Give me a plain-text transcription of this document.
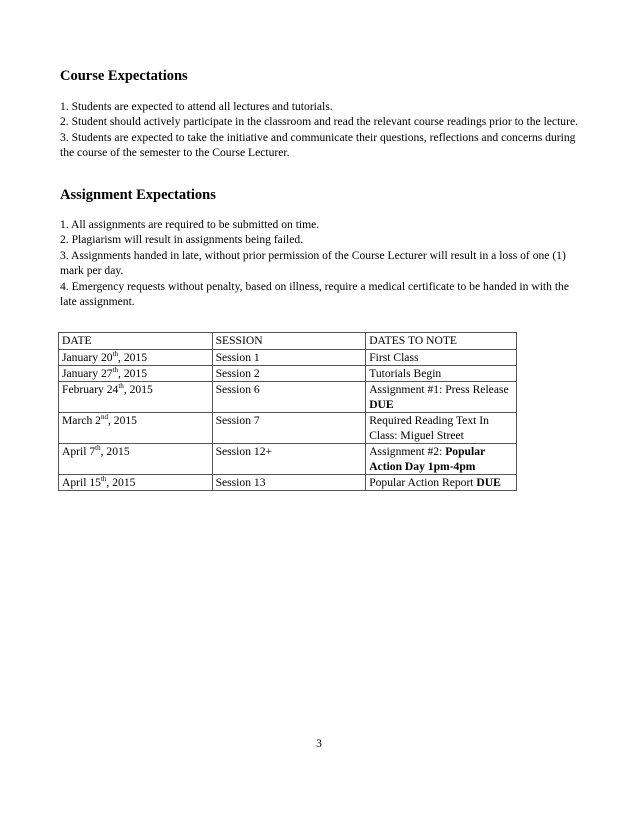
Course Expectations
1. Students are expected to attend all lectures and tutorials.
2. Student should actively participate in the classroom and read the relevant course readings prior to the lecture.
3. Students are expected to take the initiative and communicate their questions, reflections and concerns during the course of the semester to the Course Lecturer.
Assignment Expectations
1. All assignments are required to be submitted on time.
2. Plagiarism will result in assignments being failed.
3. Assignments handed in late, without prior permission of the Course Lecturer will result in a loss of one (1) mark per day.
4. Emergency requests without penalty, based on illness, require a medical certificate to be handed in with the late assignment.
DATE	SESSION	DATES TO NOTE
January 20th, 2015	Session 1	First Class
January 27th, 2015	Session 2	Tutorials Begin
February 24th, 2015	Session 6	Assignment #1: Press Release DUE
March 2nd, 2015	Session 7	Required Reading Text In Class: Miguel Street
April 7th, 2015	Session 12+	Assignment #2: Popular Action Day 1pm-4pm
April 15th, 2015	Session 13	Popular Action Report DUE
3
